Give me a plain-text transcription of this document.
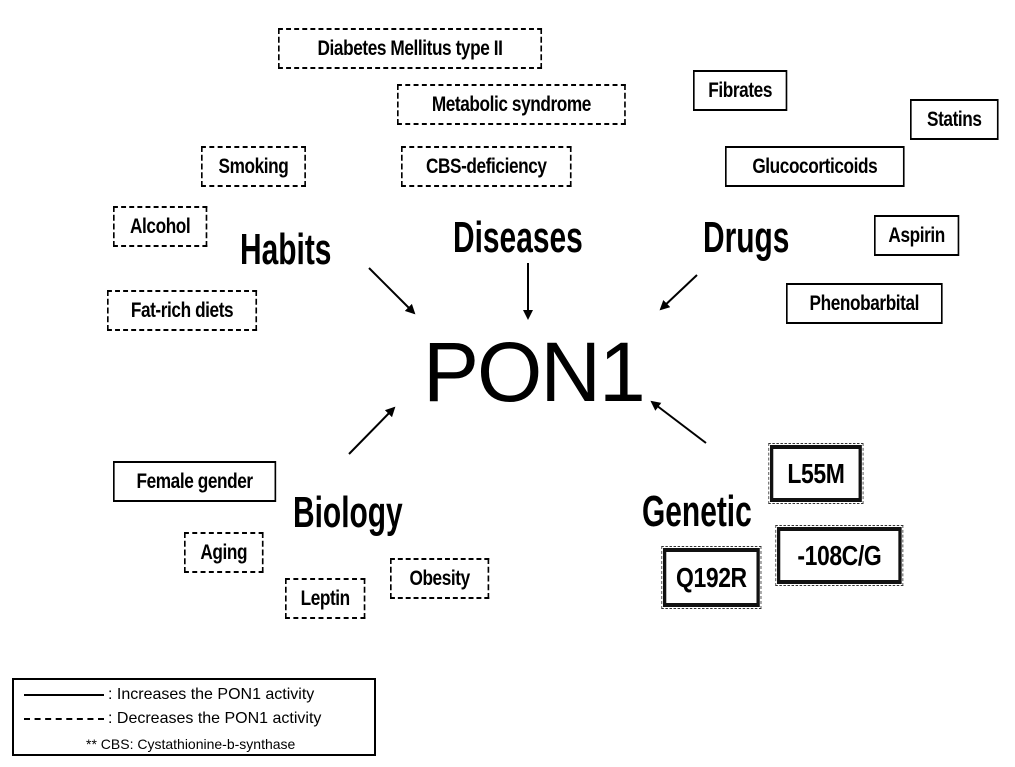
PON1
Habits	Diseases	Drugs
Biology	Genetic
Smoking
Alcohol
Fat-rich diets
Diabetes Mellitus type II
Metabolic syndrome
CBS-deficiency
Fibrates
Statins
Glucocorticoids
Aspirin
Phenobarbital
Female gender
Aging
Leptin
Obesity
L55M
-108C/G
Q192R
: Increases the PON1 activity
: Decreases the PON1 activity
** CBS: Cystathionine-b-synthase
